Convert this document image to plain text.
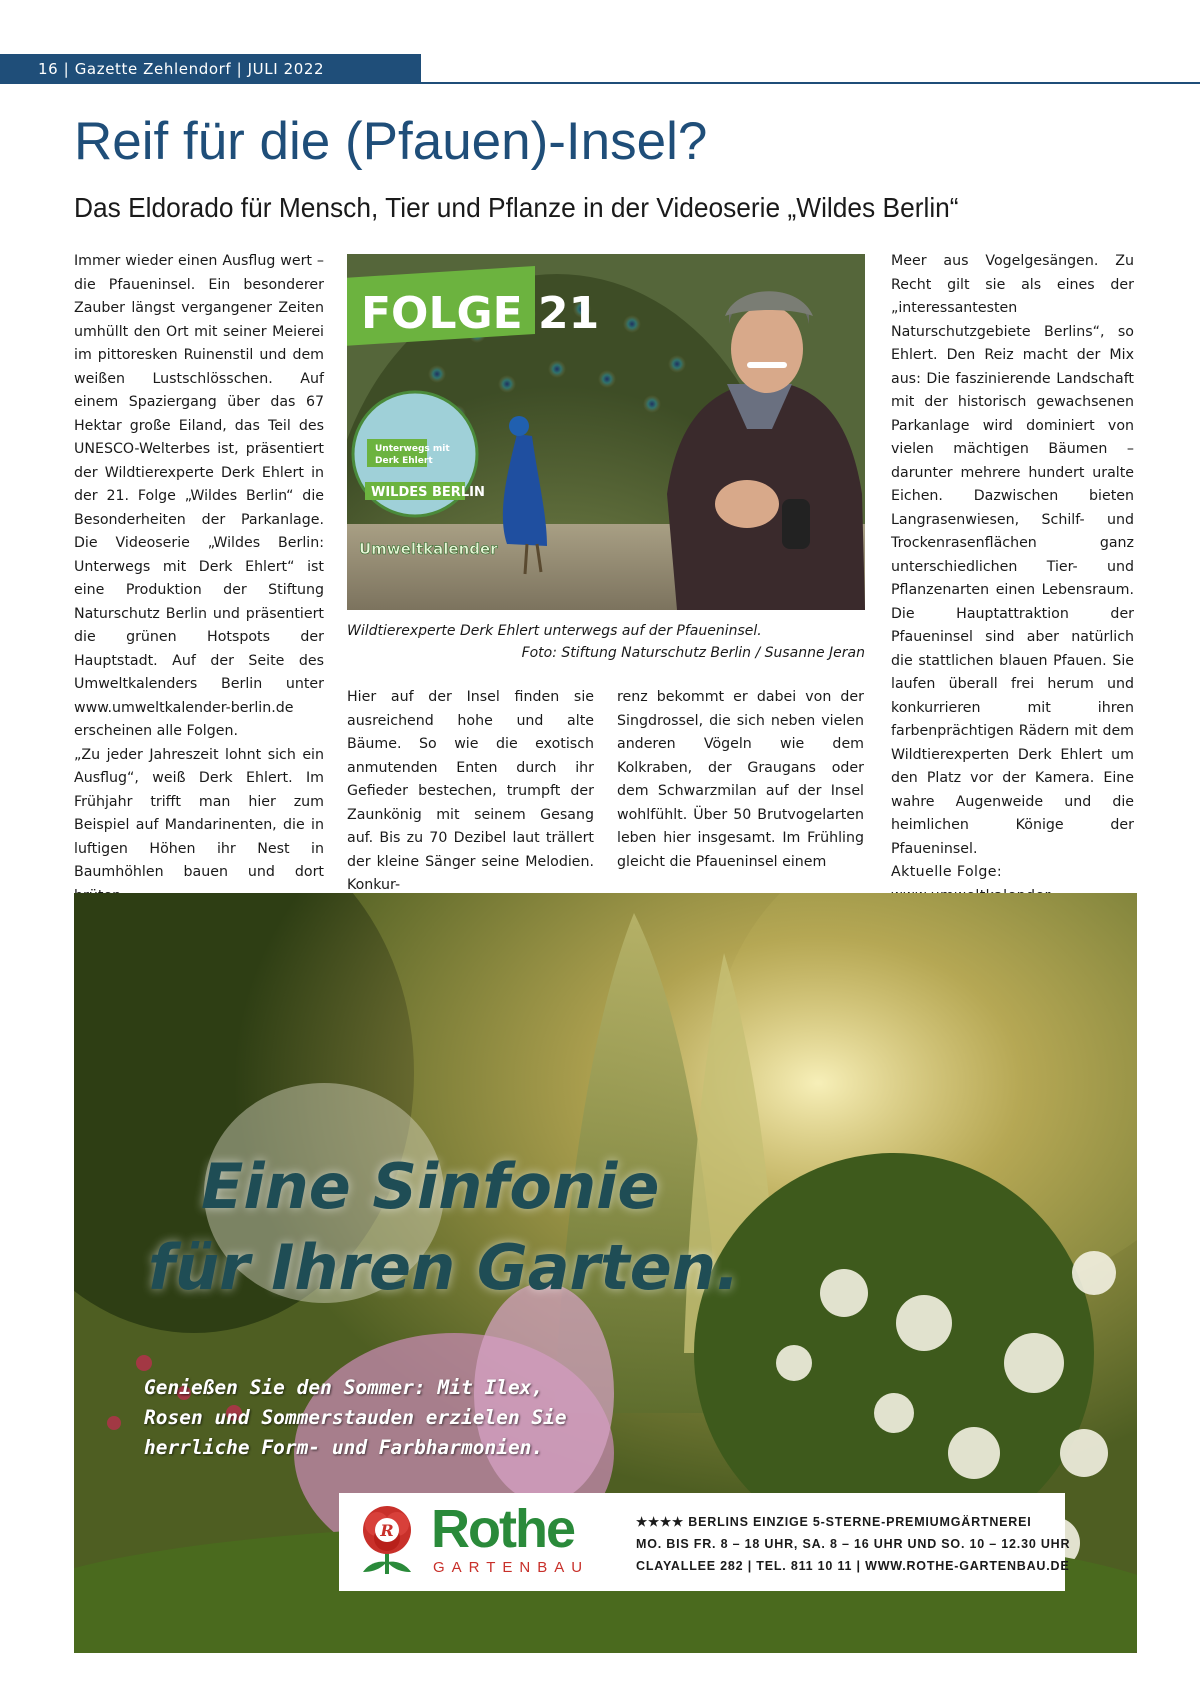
16 | Gazette Zehlendorf | JULI 2022
Reif für die (Pfauen)-Insel?
Das Eldorado für Mensch, Tier und Pflanze in der Videoserie „Wildes Berlin“

Immer wieder einen Ausflug wert – die Pfaueninsel. Ein besonderer Zauber längst vergangener Zeiten umhüllt den Ort mit seiner Meierei im pittoresken Ruinenstil und dem weißen Lustschlösschen. Auf einem Spaziergang über das 67 Hektar große Eiland, das Teil des UNESCO-Welterbes ist, präsentiert der Wildtierexperte Derk Ehlert in der 21. Folge „Wildes Berlin“ die Besonderheiten der Parkanlage. Die Videoserie „Wildes Berlin: Unterwegs mit Derk Ehlert“ ist eine Produktion der Stiftung Naturschutz Berlin und präsentiert die grünen Hotspots der Hauptstadt. Auf der Seite des Umweltkalenders Berlin unter www.umweltkalender-berlin.de erscheinen alle Folgen.

„Zu jeder Jahreszeit lohnt sich ein Ausflug“, weiß Derk Ehlert. Im Frühjahr trifft man hier zum Beispiel auf Mandarinenten, die in luftigen Höhen ihr Nest in Baumhöhlen bauen und dort

FOLGE 21
Unterwegs mit
Derk Ehlert
WILDES BERLIN
Umweltkalender
Wildtierexperte Derk Ehlert unterwegs auf der Pfaueninsel.
Foto: Stiftung Naturschutz Berlin / Susanne Jeran

Hier auf der Insel finden sie ausreichend hohe und alte Bäume. So wie die exotisch anmutenden Enten durch ihr Gefieder bestechen, trumpft der Zaunkönig mit seinem Gesang auf. Bis zu 70 Dezibel laut trällert der kleine Sänger seine Melodien. Konkur-

renz bekommt er dabei von der Singdrossel, die sich neben vielen anderen Vögeln wie dem Kolkraben, der Graugans oder dem Schwarzmilan auf der Insel wohlfühlt. Über 50 Brutvogelarten leben hier insgesamt. Im Frühling gleicht die Pfaueninsel einem

Meer aus Vogelgesängen. Zu Recht gilt sie als eines der „interessantesten Naturschutzgebiete Berlins“, so Ehlert. Den Reiz macht der Mix aus: Die faszinierende Landschaft mit der historisch gewachsenen Parkanlage wird dominiert von vielen mächtigen Bäumen – darunter mehrere hundert uralte Eichen. Dazwischen bieten Langrasenwiesen, Schilf- und Trockenrasenflächen ganz unterschiedlichen Tier- und Pflanzenarten einen Lebensraum. Die Hauptattraktion der Pfaueninsel sind aber natürlich die stattlichen blauen Pfauen. Sie laufen überall frei herum und konkurrieren mit ihren farbenprächtigen Rädern mit dem Wildtierexperten Derk Ehlert um den Platz vor der Kamera. Eine wahre Augenweide und die heimlichen Könige der Pfaueninsel.

Aktuelle Folge:

Eine Sinfonie
für Ihren Garten.
Genießen Sie den Sommer: Mit Ilex,
Rosen und Sommerstauden erzielen Sie
herrliche Form- und Farbharmonien.
R Rothe
GARTENBAU
★★★★ BERLINS EINZIGE 5-STERNE-PREMIUMGÄRTNEREI
MO. BIS FR. 8 – 18 UHR, SA. 8 – 16 UHR UND SO. 10 – 12.30 UHR
CLAYALLEE 282 | TEL. 811 10 11 | WWW.ROTHE-GARTENBAU.DE
